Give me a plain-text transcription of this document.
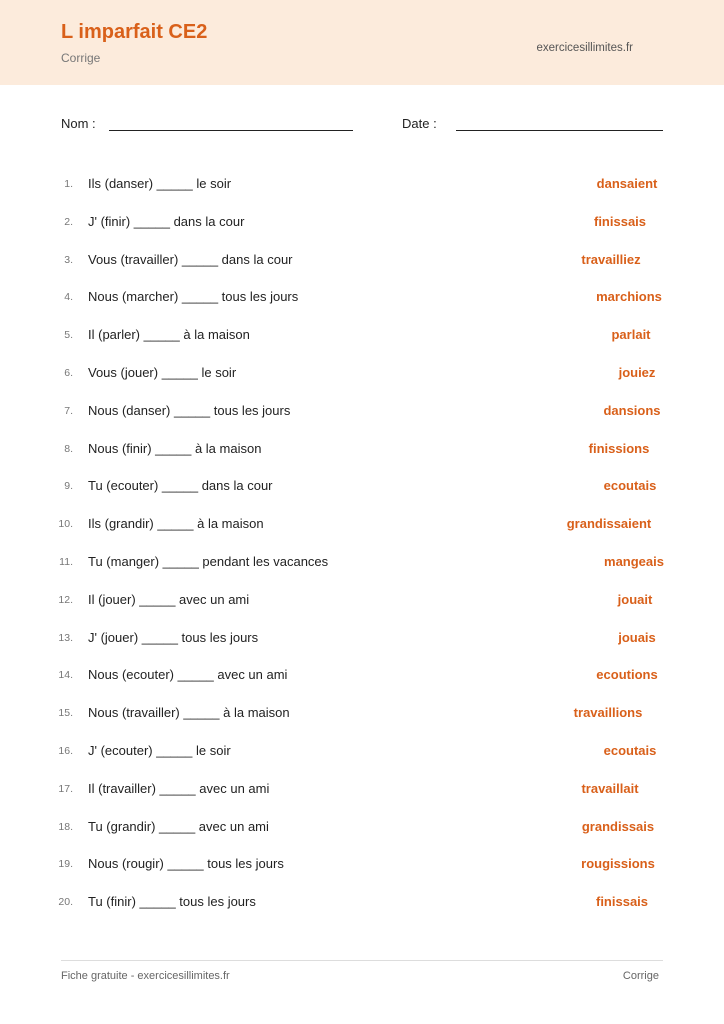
L imparfait CE2
Corrige
exercicesillimites.fr
Nom :	Date :
1. Ils (danser) _____ le soir	dansaient
2. J' (finir) _____ dans la cour	finissais
3. Vous (travailler) _____ dans la cour	travailliez
4. Nous (marcher) _____ tous les jours	marchions
5. Il (parler) _____ à la maison	parlait
6. Vous (jouer) _____ le soir	jouiez
7. Nous (danser) _____ tous les jours	dansions
8. Nous (finir) _____ à la maison	finissions
9. Tu (ecouter) _____ dans la cour	ecoutais
10. Ils (grandir) _____ à la maison	grandissaient
11. Tu (manger) _____ pendant les vacances	mangeais
12. Il (jouer) _____ avec un ami	jouait
13. J' (jouer) _____ tous les jours	jouais
14. Nous (ecouter) _____ avec un ami	ecoutions
15. Nous (travailler) _____ à la maison	travaillions
16. J' (ecouter) _____ le soir	ecoutais
17. Il (travailler) _____ avec un ami	travaillait
18. Tu (grandir) _____ avec un ami	grandissais
19. Nous (rougir) _____ tous les jours	rougissions
20. Tu (finir) _____ tous les jours	finissais
Fiche gratuite - exercicesillimites.fr	Corrige
